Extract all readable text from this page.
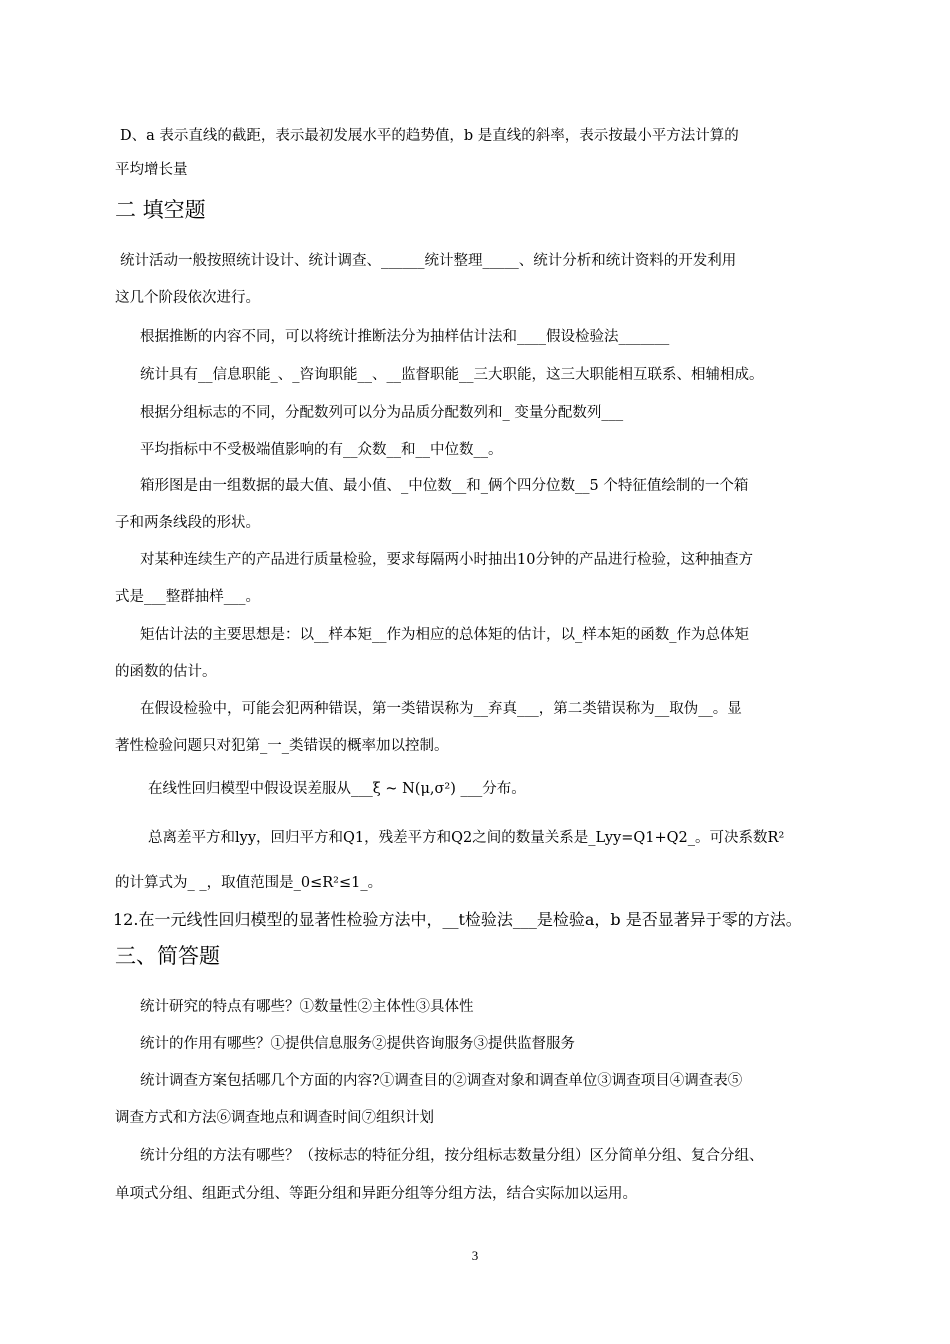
D、a 表示直线的截距，表示最初发展水平的趋势值，b 是直线的斜率，表示按最小平方法计算的
平均增长量
二 填空题
统计活动一般按照统计设计、统计调查、______统计整理_____、统计分析和统计资料的开发利用
这几个阶段依次进行。
根据推断的内容不同，可以将统计推断法分为抽样估计法和____假设检验法_______
统计具有__信息职能_、_咨询职能__、__监督职能__三大职能，这三大职能相互联系、相辅相成。
根据分组标志的不同，分配数列可以分为品质分配数列和_ 变量分配数列___
平均指标中不受极端值影响的有__众数__和__中位数__。
箱形图是由一组数据的最大值、最小值、_中位数__和_俩个四分位数__5 个特征值绘制的一个箱
子和两条线段的形状。
对某种连续生产的产品进行质量检验，要求每隔两小时抽出10分钟的产品进行检验，这种抽查方
式是___整群抽样___。
矩估计法的主要思想是：以__样本矩__作为相应的总体矩的估计，以_样本矩的函数_作为总体矩
的函数的估计。
在假设检验中，可能会犯两种错误，第一类错误称为__弃真___，第二类错误称为__取伪__。显
著性检验问题只对犯第_一_类错误的概率加以控制。
在线性回归模型中假设误差服从___ξ ~ N(μ,σ²) ___分布。
总离差平方和lyy，回归平方和Q1，残差平方和Q2之间的数量关系是_Lyy=Q1+Q2_。可决系数R²
的计算式为_ _，取值范围是_0≤R²≤1_。
12.在一元线性回归模型的显著性检验方法中，__t检验法___是检验a，b 是否显著异于零的方法。
三、简答题
统计研究的特点有哪些？①数量性②主体性③具体性
统计的作用有哪些？①提供信息服务②提供咨询服务③提供监督服务
统计调查方案包括哪几个方面的内容?①调查目的②调查对象和调查单位③调查项目④调查表⑤
调查方式和方法⑥调查地点和调查时间⑦组织计划
统计分组的方法有哪些？（按标志的特征分组，按分组标志数量分组）区分简单分组、复合分组、
单项式分组、组距式分组、等距分组和异距分组等分组方法，结合实际加以运用。
3
